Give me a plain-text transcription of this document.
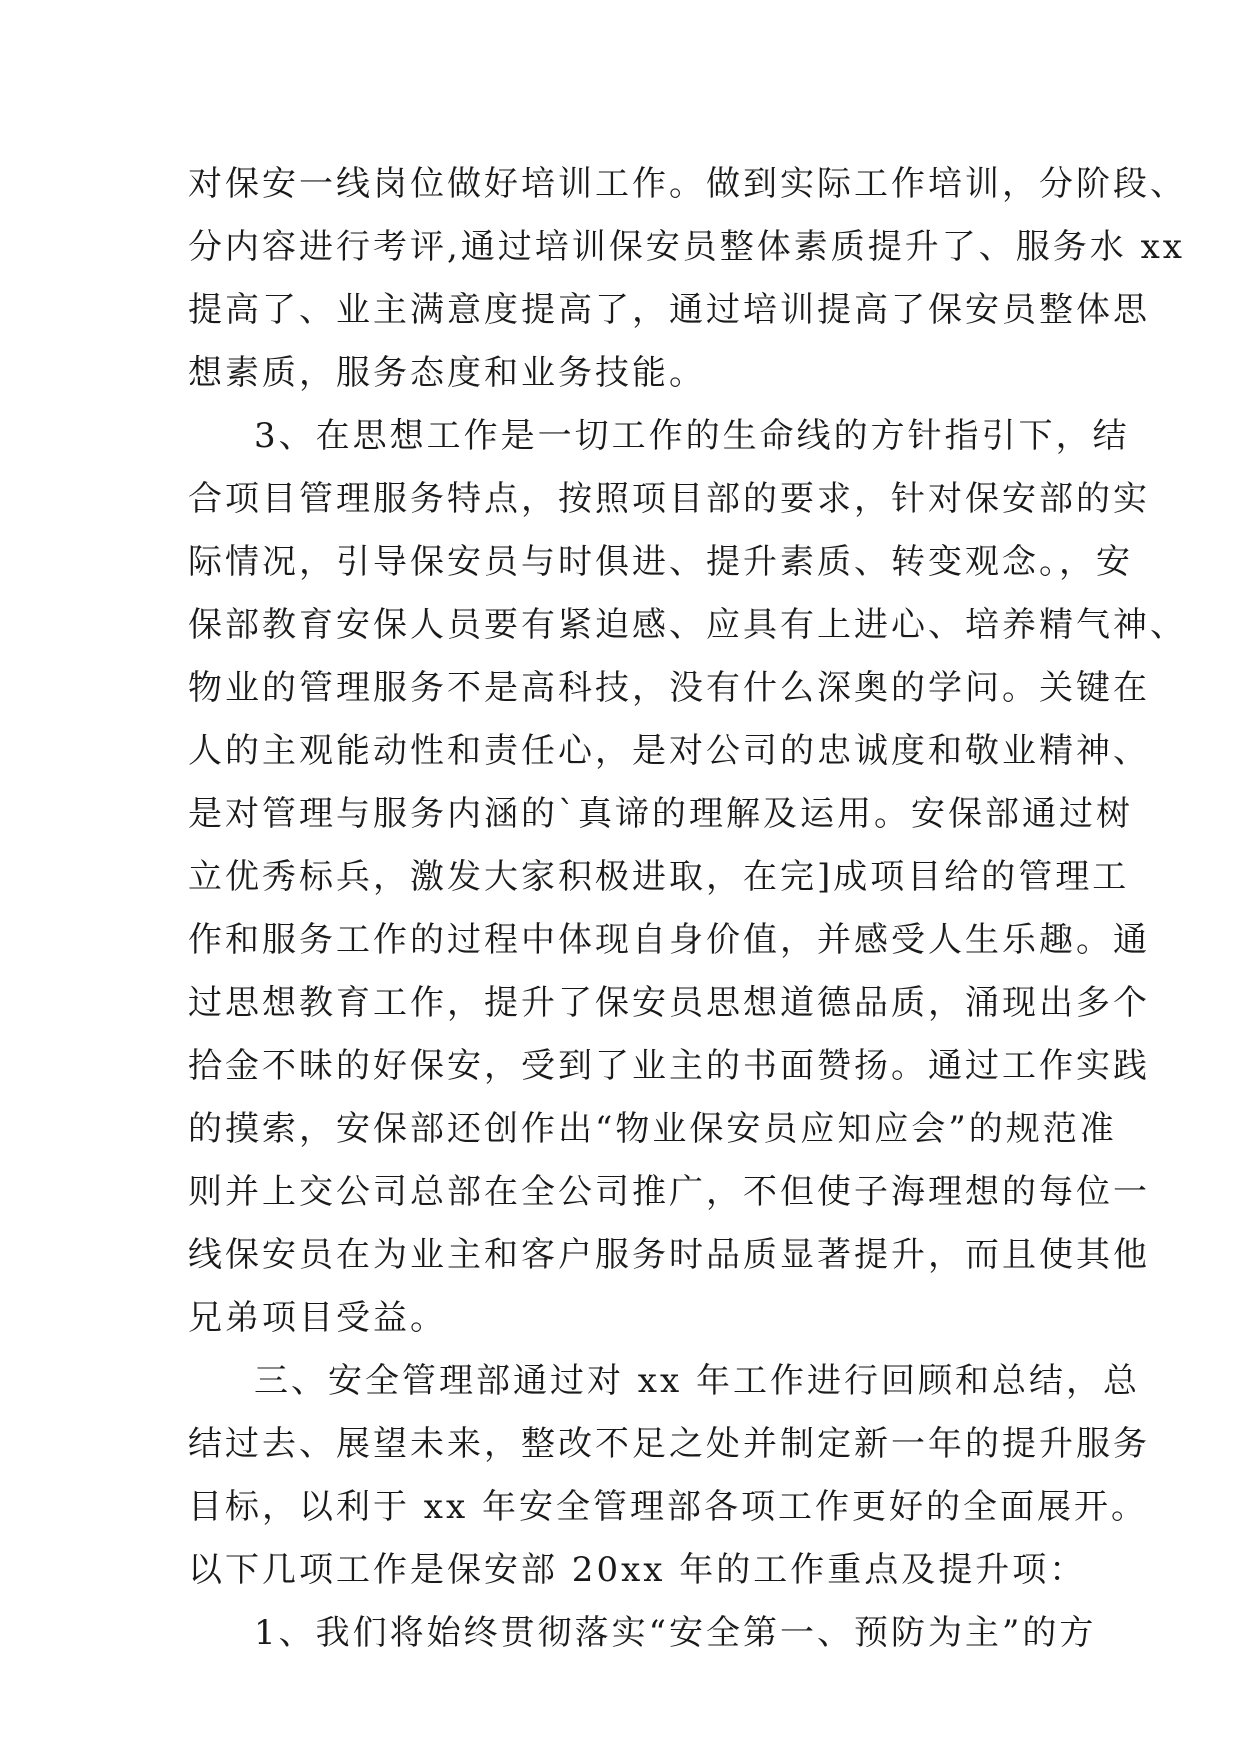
对保安一线岗位做好培训工作。做到实际工作培训，分阶段、
分内容进行考评,通过培训保安员整体素质提升了、服务水 xx
提高了、业主满意度提高了，通过培训提高了保安员整体思
想素质，服务态度和业务技能。
3、在思想工作是一切工作的生命线的方针指引下，结
合项目管理服务特点，按照项目部的要求，针对保安部的实
际情况，引导保安员与时俱进、提升素质、转变观念。，安
保部教育安保人员要有紧迫感、应具有上进心、培养精气神、
物业的管理服务不是高科技，没有什么深奥的学问。关键在
人的主观能动性和责任心，是对公司的忠诚度和敬业精神、
是对管理与服务内涵的`真谛的理解及运用。安保部通过树
立优秀标兵，激发大家积极进取，在完]成项目给的管理工
作和服务工作的过程中体现自身价值，并感受人生乐趣。通
过思想教育工作，提升了保安员思想道德品质，涌现出多个
拾金不昧的好保安，受到了业主的书面赞扬。通过工作实践
的摸索，安保部还创作出“物业保安员应知应会”的规范准
则并上交公司总部在全公司推广，不但使子海理想的每位一
线保安员在为业主和客户服务时品质显著提升，而且使其他
兄弟项目受益。
三、安全管理部通过对 xx 年工作进行回顾和总结，总
结过去、展望未来，整改不足之处并制定新一年的提升服务
目标，以利于 xx 年安全管理部各项工作更好的全面展开。
以下几项工作是保安部 20xx 年的工作重点及提升项：
1、我们将始终贯彻落实“安全第一、预防为主”的方
